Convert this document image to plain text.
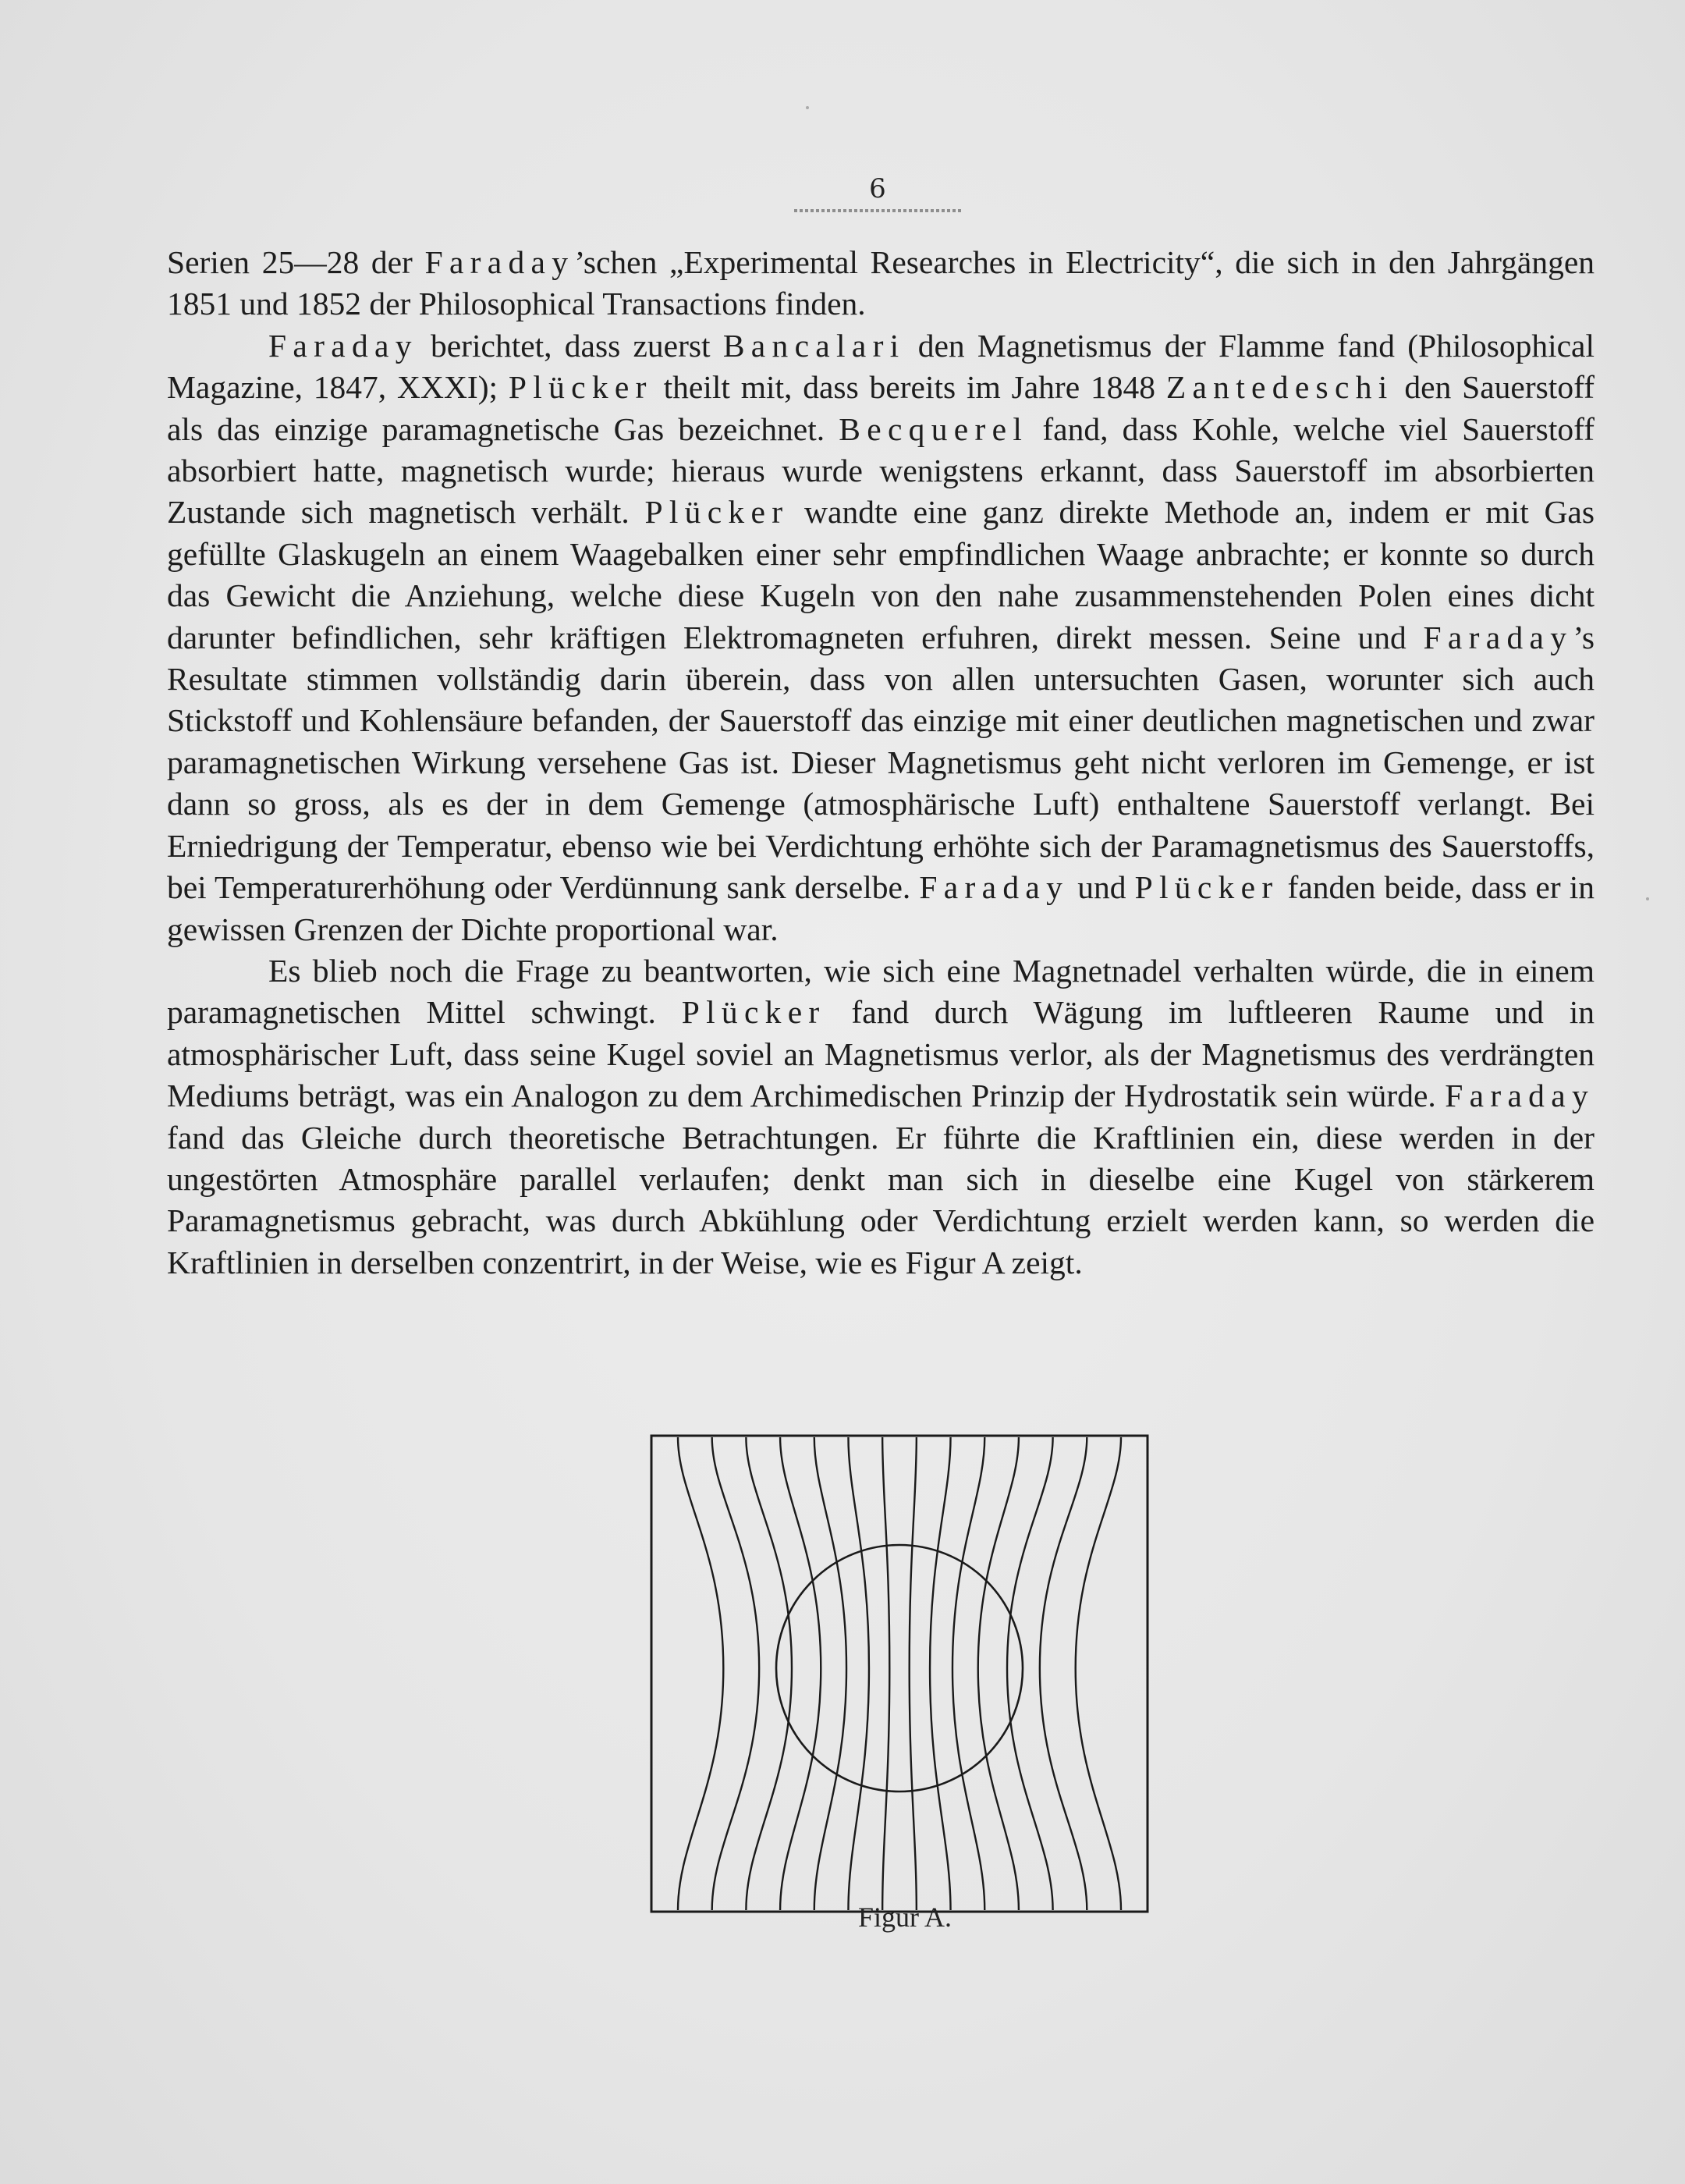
6

Serien 25—28 der Faraday’schen „Experimental Researches in Electricity“, die sich in den Jahrgängen 1851 und 1852 der Philosophical Transactions finden.

Faraday berichtet, dass zuerst Bancalari den Magnetismus der Flamme fand (Philosophical Magazine, 1847, XXXI); Plücker theilt mit, dass bereits im Jahre 1848 Zantedeschi den Sauerstoff als das einzige paramagnetische Gas bezeichnet. Becquerel fand, dass Kohle, welche viel Sauerstoff absorbiert hatte, magnetisch wurde; hieraus wurde wenigstens erkannt, dass Sauerstoff im absorbierten Zustande sich magnetisch verhält. Plücker wandte eine ganz direkte Methode an, indem er mit Gas gefüllte Glaskugeln an einem Waagebalken einer sehr empfindlichen Waage anbrachte; er konnte so durch das Gewicht die Anziehung, welche diese Kugeln von den nahe zusammenstehenden Polen eines dicht darunter befindlichen, sehr kräftigen Elektromagneten erfuhren, direkt messen. Seine und Faraday’s Resultate stimmen vollständig darin überein, dass von allen untersuchten Gasen, worunter sich auch Stickstoff und Kohlensäure befanden, der Sauerstoff das einzige mit einer deutlichen magnetischen und zwar paramagnetischen Wirkung versehene Gas ist. Dieser Magnetismus geht nicht verloren im Gemenge, er ist dann so gross, als es der in dem Gemenge (atmosphärische Luft) enthaltene Sauerstoff verlangt. Bei Erniedrigung der Temperatur, ebenso wie bei Verdichtung erhöhte sich der Paramagnetismus des Sauerstoffs, bei Temperaturerhöhung oder Verdünnung sank derselbe. Faraday und Plücker fanden beide, dass er in gewissen Grenzen der Dichte proportional war.

Es blieb noch die Frage zu beantworten, wie sich eine Magnetnadel verhalten würde, die in einem paramagnetischen Mittel schwingt. Plücker fand durch Wägung im luftleeren Raume und in atmosphärischer Luft, dass seine Kugel soviel an Magnetismus verlor, als der Magnetismus des verdrängten Mediums beträgt, was ein Analogon zu dem Archimedischen Prinzip der Hydrostatik sein würde. Faraday fand das Gleiche durch theoretische Betrachtungen. Er führte die Kraftlinien ein, diese werden in der ungestörten Atmosphäre parallel verlaufen; denkt man sich in dieselbe eine Kugel von stärkerem Paramagnetismus gebracht, was durch Abkühlung oder Verdichtung erzielt werden kann, so werden die Kraftlinien in derselben conzentrirt, in der Weise, wie es Figur A zeigt.

Figur A.
